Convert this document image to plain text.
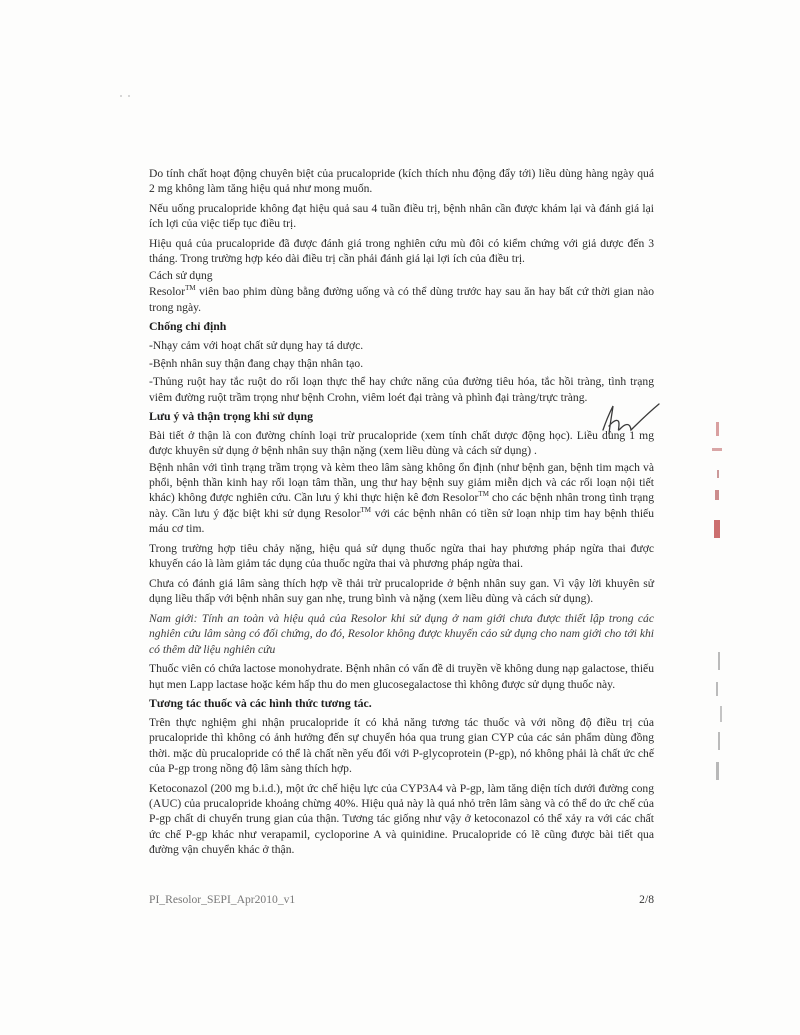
Do tính chất hoạt động chuyên biệt của prucalopride (kích thích nhu động đẩy tới) liều dùng hàng ngày quá 2 mg không làm tăng hiệu quả như mong muốn.

Nếu uống prucalopride không đạt hiệu quả sau 4 tuần điều trị, bệnh nhân cần được khám lại và đánh giá lại ích lợi của việc tiếp tục điều trị.

Hiệu quả của prucalopride đã được đánh giá trong nghiên cứu mù đôi có kiểm chứng với giả dược đến 3 tháng. Trong trường hợp kéo dài điều trị cần phải đánh giá lại lợi ích của điều trị.

Cách sử dụng

Resolor™ viên bao phim dùng bằng đường uống và có thể dùng trước hay sau ăn hay bất cứ thời gian nào trong ngày.

Chống chỉ định

-Nhạy cảm với hoạt chất sử dụng hay tá dược.

-Bệnh nhân suy thận đang chạy thận nhân tạo.

-Thủng ruột hay tắc ruột do rối loạn thực thể hay chức năng của đường tiêu hóa, tắc hồi tràng, tình trạng viêm đường ruột trầm trọng như bệnh Crohn, viêm loét đại tràng và phình đại tràng/trực tràng.

Lưu ý và thận trọng khi sử dụng

Bài tiết ở thận là con đường chính loại trừ prucalopride (xem tính chất dược động học). Liều dùng 1 mg được khuyên sử dụng ở bệnh nhân suy thận nặng (xem liều dùng và cách sử dụng) .

Bệnh nhân với tình trạng trầm trọng và kèm theo lâm sàng không ổn định (như bệnh gan, bệnh tim mạch và phổi, bệnh thần kinh hay rối loạn tâm thần, ung thư hay bệnh suy giảm miễn dịch và các rối loạn nội tiết khác) không được nghiên cứu. Cần lưu ý khi thực hiện kê đơn Resolor™ cho các bệnh nhân trong tình trạng này. Cần lưu ý đặc biệt khi sử dụng Resolor™ với các bệnh nhân có tiền sử loạn nhịp tim hay bệnh thiếu máu cơ tim.

Trong trường hợp tiêu chảy nặng, hiệu quả sử dụng thuốc ngừa thai hay phương pháp ngừa thai được khuyến cáo là làm giảm tác dụng của thuốc ngừa thai và phương pháp ngừa thai.

Chưa có đánh giá lâm sàng thích hợp về thải trừ prucalopride ở bệnh nhân suy gan. Vì vậy lời khuyên sử dụng liều thấp với bệnh nhân suy gan nhẹ, trung bình và nặng (xem liều dùng và cách sử dụng).

Nam giới: Tính an toàn và hiệu quả của Resolor khi sử dụng ở nam giới chưa được thiết lập trong các nghiên cứu lâm sàng có đối chứng, do đó, Resolor không được khuyến cáo sử dụng cho nam giới cho tới khi có thêm dữ liệu nghiên cứu

Thuốc viên có chứa lactose monohydrate. Bệnh nhân có vấn đề di truyền về không dung nạp galactose, thiếu hụt men Lapp lactase hoặc kém hấp thu do men glucosegalactose thì không được sử dụng thuốc này.

Tương tác thuốc và các hình thức tương tác.

Trên thực nghiệm ghi nhận prucalopride ít có khả năng tương tác thuốc và với nồng độ điều trị của prucalopride thì không có ảnh hưởng đến sự chuyển hóa qua trung gian CYP của các sản phẩm dùng đồng thời. mặc dù prucalopride có thể là chất nền yếu đối với P-glycoprotein (P-gp), nó không phải là chất ức chế của P-gp trong nồng độ lâm sàng thích hợp.

Ketoconazol (200 mg b.i.d.), một ức chế hiệu lực của CYP3A4 và P-gp, làm tăng diện tích dưới đường cong (AUC) của prucalopride khoảng chừng 40%. Hiệu quả này là quá nhỏ trên lâm sàng và có thể do ức chế của P-gp chất di chuyển trung gian của thận. Tương tác giống như vậy ở ketoconazol có thể xảy ra với các chất ức chế P-gp khác như verapamil, cycloporine A và quinidine. Prucalopride có lẽ cũng được bài tiết qua đường vận chuyển khác ở thận.

PI_Resolor_SEPI_Apr2010_v1	2/8
